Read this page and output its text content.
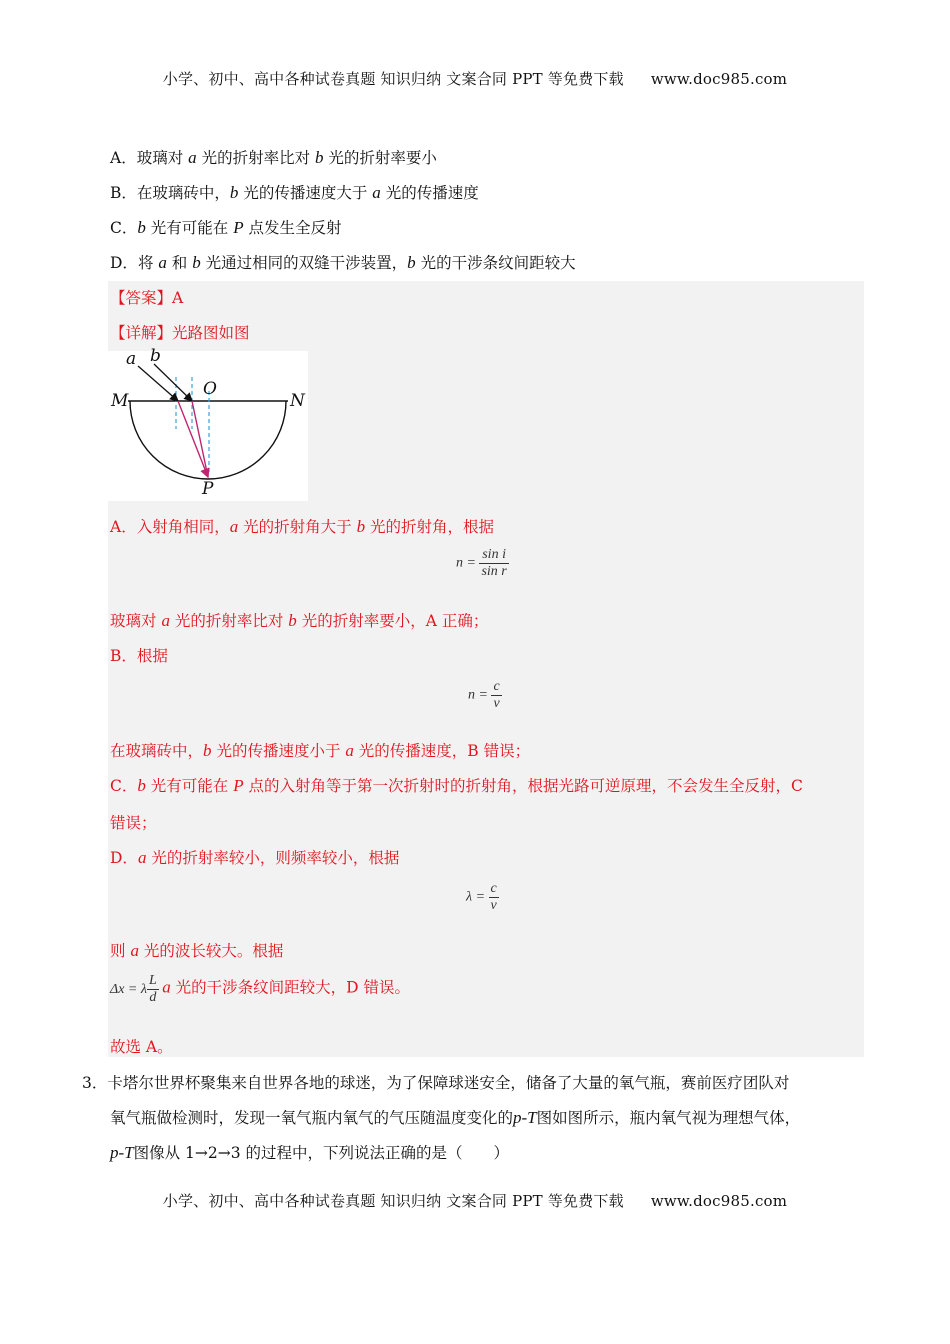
小学、初中、高中各种试卷真题 知识归纳 文案合同 PPT 等免费下载 www.doc985.com
A．玻璃对 a 光的折射率比对 b 光的折射率要小
B．在玻璃砖中，b 光的传播速度大于 a 光的传播速度
C．b 光有可能在 P 点发生全反射
D．将 a 和 b 光通过相同的双缝干涉装置，b 光的干涉条纹间距较大
【答案】A
【详解】光路图如图
a b
O
M	N
P
A．入射角相同，a 光的折射角大于 b 光的折射角，根据
$n = \frac{\text{sin i}}{\text{sin r}}$
玻璃对 a 光的折射率比对 b 光的折射率要小，A 正确；
B．根据
$n = \frac{c}{v}$
在玻璃砖中，b 光的传播速度小于 a 光的传播速度，B 错误；
C．b 光有可能在 P 点的入射角等于第一次折射时的折射角，根据光路可逆原理，不会发生全反射，C
错误；
D．a 光的折射率较小，则频率较小，根据
$\lambda = \frac{c}{\nu}$
则 a 光的波长较大。根据
Δx = λ $\frac{L}{d}$ a 光的干涉条纹间距较大，D 错误。
故选 A。
3．卡塔尔世界杯聚集来自世界各地的球迷，为了保障球迷安全，储备了大量的氧气瓶，赛前医疗团队对
氧气瓶做检测时，发现一氧气瓶内氧气的气压随温度变化的p-T图如图所示，瓶内氧气视为理想气体，
p-T图像从 1→2→3 的过程中，下列说法正确的是（　　）
小学、初中、高中各种试卷真题 知识归纳 文案合同 PPT 等免费下载 www.doc985.com
